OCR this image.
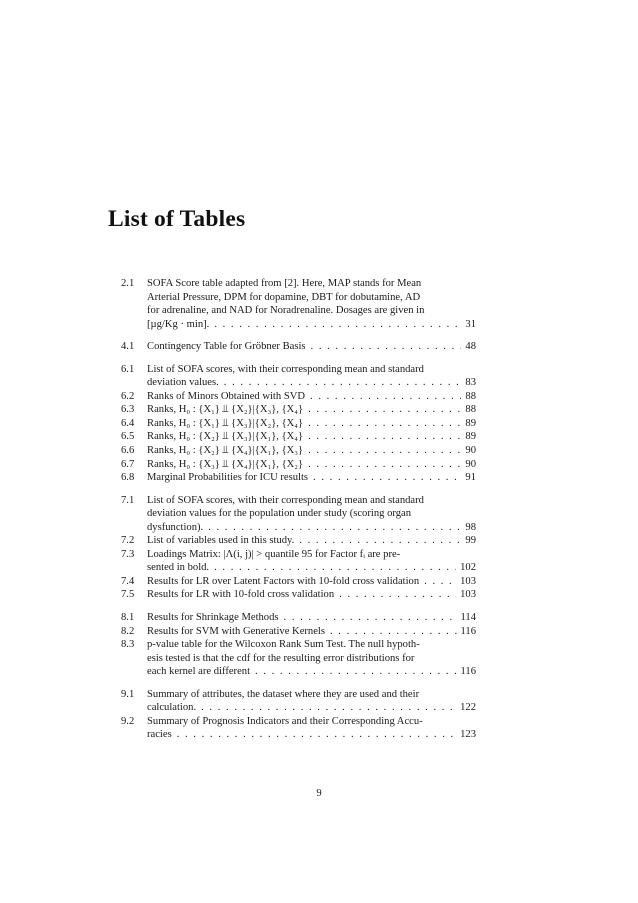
List of Tables
2.1	SOFA Score table adapted from [2]. Here, MAP stands for Mean
Arterial Pressure, DPM for dopamine, DBT for dobutamine, AD
for adrenaline, and NAD for Noradrenaline. Dosages are given in
[µg/Kg · min]. . . .	31
4.1	Contingency Table for Gröbner Basis . . .	48
6.1	List of SOFA scores, with their corresponding mean and standard
deviation values. . . .	83
6.2	Ranks of Minors Obtained with SVD . . .	88
6.3	Ranks, H₀ : {X₁} ⫫ {X₂}|{X₃}, {X₄} . . .	88
6.4	Ranks, H₀ : {X₁} ⫫ {X₃}|{X₂}, {X₄} . . .	89
6.5	Ranks, H₀ : {X₂} ⫫ {X₃}|{X₁}, {X₄} . . .	89
6.6	Ranks, H₀ : {X₂} ⫫ {X₄}|{X₁}, {X₃} . . .	90
6.7	Ranks, H₀ : {X₃} ⫫ {X₄}|{X₁}, {X₂} . . .	90
6.8	Marginal Probabilities for ICU results . . .	91
7.1	List of SOFA scores, with their corresponding mean and standard
deviation values for the population under study (scoring organ
dysfunction). . . .	98
7.2	List of variables used in this study. . . .	99
7.3	Loadings Matrix: |Λ(i, j)| > quantile 95 for Factor fᵢ are pre-
sented in bold. . . .	102
7.4	Results for LR over Latent Factors with 10-fold cross validation . . .	103
7.5	Results for LR with 10-fold cross validation . . .	103
8.1	Results for Shrinkage Methods . . .	114
8.2	Results for SVM with Generative Kernels . . .	116
8.3	p-value table for the Wilcoxon Rank Sum Test. The null hypoth-
esis tested is that the cdf for the resulting error distributions for
each kernel are different . . .	116
9.1	Summary of attributes, the dataset where they are used and their
calculation. . . .	122
9.2	Summary of Prognosis Indicators and their Corresponding Accu-
racies . . .	123
9
